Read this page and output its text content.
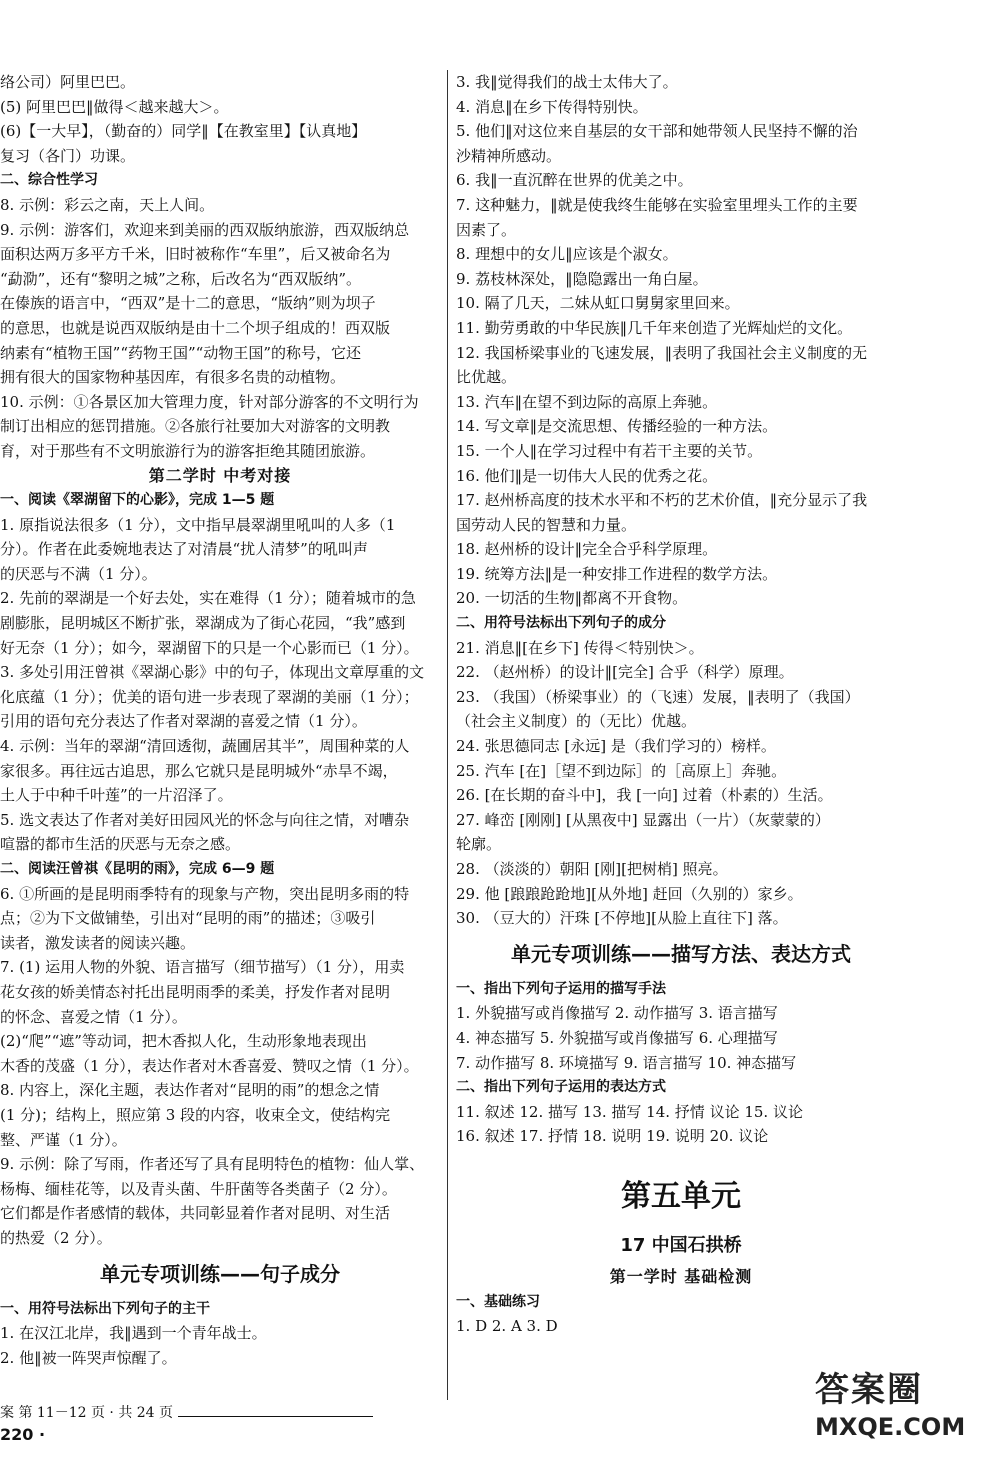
络公司）阿里巴巴。
(5) 阿里巴巴‖做得＜越来越大＞。
(6)【一大早】，（勤奋的）同学‖【在教室里】【认真地】
复习（各门）功课。
二、综合性学习
8. 示例：彩云之南，天上人间。
9. 示例：游客们，欢迎来到美丽的西双版纳旅游，西双版纳总
面积达两万多平方千米，旧时被称作“车里”，后又被命名为
“勐泐”，还有“黎明之城”之称，后改名为“西双版纳”。
在傣族的语言中，“西双”是十二的意思，“版纳”则为坝子
的意思，也就是说西双版纳是由十二个坝子组成的！西双版
纳素有“植物王国”“药物王国”“动物王国”的称号，它还
拥有很大的国家物种基因库，有很多名贵的动植物。
10. 示例：①各景区加大管理力度，针对部分游客的不文明行为
制订出相应的惩罚措施。②各旅行社要加大对游客的文明教
育，对于那些有不文明旅游行为的游客拒绝其随团旅游。
第二学时 中考对接
一、阅读《翠湖留下的心影》，完成 1—5 题
1. 原指说法很多（1 分），文中指早晨翠湖里吼叫的人多（1
分）。作者在此委婉地表达了对清晨“扰人清梦”的吼叫声
的厌恶与不满（1 分）。
2. 先前的翠湖是一个好去处，实在难得（1 分）；随着城市的急
剧膨胀，昆明城区不断扩张，翠湖成为了街心花园，“我”感到
好无奈（1 分）；如今，翠湖留下的只是一个心影而已（1 分）。
3. 多处引用汪曾祺《翠湖心影》中的句子，体现出文章厚重的文
化底蕴（1 分）；优美的语句进一步表现了翠湖的美丽（1 分）；
引用的语句充分表达了作者对翠湖的喜爱之情（1 分）。
4. 示例：当年的翠湖“清回透彻，蔬圃居其半”，周围种菜的人
家很多。再往远古追思，那么它就只是昆明城外“赤旱不竭，
土人于中种千叶莲”的一片沼泽了。
5. 选文表达了作者对美好田园风光的怀念与向往之情，对嘈杂
喧嚣的都市生活的厌恶与无奈之感。
二、阅读汪曾祺《昆明的雨》，完成 6—9 题
6. ①所画的是昆明雨季特有的现象与产物，突出昆明多雨的特
点；②为下文做铺垫，引出对“昆明的雨”的描述；③吸引
读者，激发读者的阅读兴趣。
7. (1) 运用人物的外貌、语言描写（细节描写）（1 分），用卖
花女孩的娇美情态衬托出昆明雨季的柔美，抒发作者对昆明
的怀念、喜爱之情（1 分）。
(2)“爬”“遮”等动词，把木香拟人化，生动形象地表现出
木香的茂盛（1 分），表达作者对木香喜爱、赞叹之情（1 分）。
8. 内容上，深化主题，表达作者对“昆明的雨”的想念之情
(1 分)；结构上，照应第 3 段的内容，收束全文，使结构完
整、严谨（1 分）。
9. 示例：除了写雨，作者还写了具有昆明特色的植物：仙人掌、
杨梅、缅桂花等，以及青头菌、牛肝菌等各类菌子（2 分）。
它们都是作者感情的载体，共同彰显着作者对昆明、对生活
的热爱（2 分）。
单元专项训练——句子成分
一、用符号法标出下列句子的主干
1. 在汉江北岸，我‖遇到一个青年战士。
2. 他‖被一阵哭声惊醒了。
3. 我‖觉得我们的战士太伟大了。
4. 消息‖在乡下传得特别快。
5. 他们‖对这位来自基层的女干部和她带领人民坚持不懈的治
沙精神所感动。
6. 我‖一直沉醉在世界的优美之中。
7. 这种魅力，‖就是使我终生能够在实验室里埋头工作的主要
因素了。
8. 理想中的女儿‖应该是个淑女。
9. 荔枝林深处，‖隐隐露出一角白屋。
10. 隔了几天，二妹从虹口舅舅家里回来。
11. 勤劳勇敢的中华民族‖几千年来创造了光辉灿烂的文化。
12. 我国桥梁事业的飞速发展，‖表明了我国社会主义制度的无
比优越。
13. 汽车‖在望不到边际的高原上奔驰。
14. 写文章‖是交流思想、传播经验的一种方法。
15. 一个人‖在学习过程中有若干主要的关节。
16. 他们‖是一切伟大人民的优秀之花。
17. 赵州桥高度的技术水平和不朽的艺术价值，‖充分显示了我
国劳动人民的智慧和力量。
18. 赵州桥的设计‖完全合乎科学原理。
19. 统筹方法‖是一种安排工作进程的数学方法。
20. 一切活的生物‖都离不开食物。
二、用符号法标出下列句子的成分
21. 消息‖[在乡下] 传得＜特别快＞。
22. （赵州桥）的设计‖[完全] 合乎（科学）原理。
23. （我国）（桥梁事业）的（飞速）发展，‖表明了（我国）
（社会主义制度）的（无比）优越。
24. 张思德同志 [永远] 是（我们学习的）榜样。
25. 汽车 [在]［望不到边际］的［高原上］奔驰。
26. [在长期的奋斗中]，我 [一向] 过着（朴素的）生活。
27. 峰峦 [刚刚] [从黑夜中] 显露出（一片）（灰蒙蒙的）
轮廓。
28. （淡淡的）朝阳 [刚][把树梢] 照亮。
29. 他 [踉踉跄跄地][从外地] 赶回（久别的）家乡。
30. （豆大的）汗珠 [不停地][从脸上直往下] 落。
单元专项训练——描写方法、表达方式
一、指出下列句子运用的描写手法
1. 外貌描写或肖像描写 2. 动作描写 3. 语言描写
4. 神态描写 5. 外貌描写或肖像描写 6. 心理描写
7. 动作描写 8. 环境描写 9. 语言描写 10. 神态描写
二、指出下列句子运用的表达方式
11. 叙述 12. 描写 13. 描写 14. 抒情 议论 15. 议论
16. 叙述 17. 抒情 18. 说明 19. 说明 20. 议论
第五单元
17 中国石拱桥
第一学时 基础检测
一、基础练习
1. D 2. A 3. D
案 第 11－12 页 · 共 24 页
220 ·
答案圈
MXQE.COM
